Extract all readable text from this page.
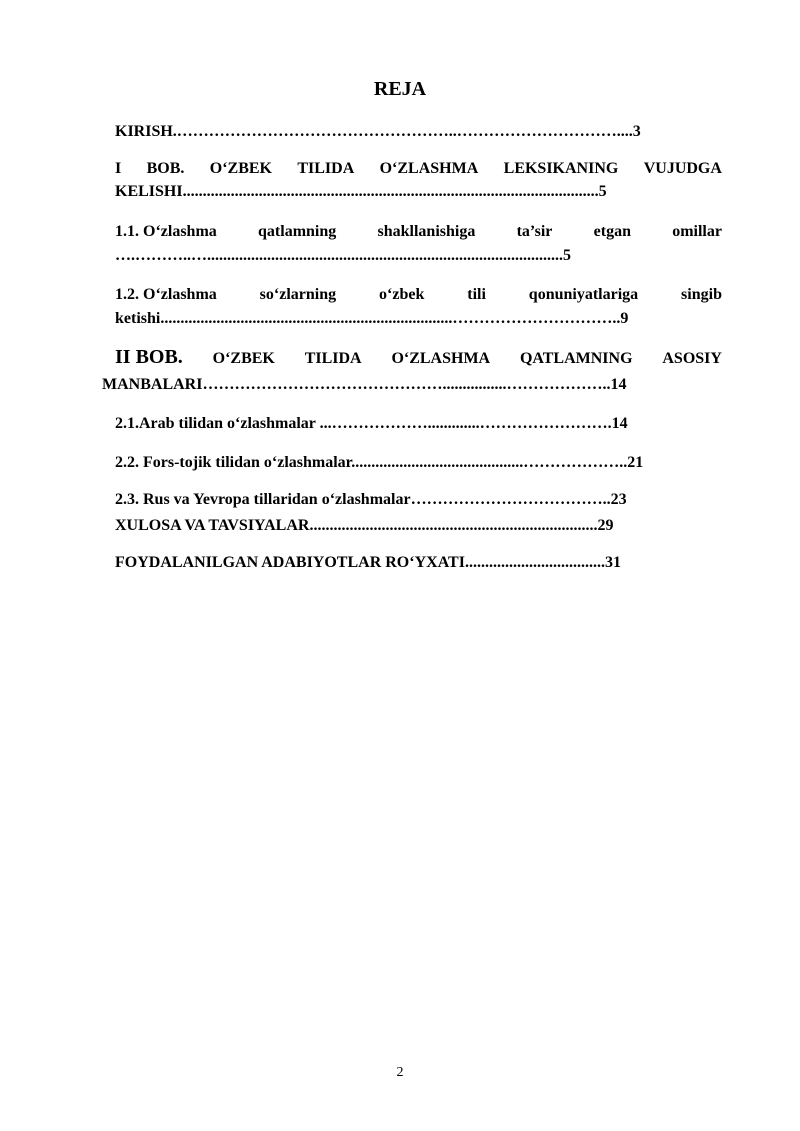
REJA
KIRISH.……………………………………………..…………………………....3
I BOB. O‘ZBEK TILIDA O‘ZLASHMA LEKSIKANING VUJUDGA
KELISHI........................................................................................................5
1.1. O‘zlashma	qatlamning	shakllanishiga	ta’sir	etgan	omillar
….………..….........................................................................................5
1.2. O‘zlashma	so‘zlarning	o‘zbek	tili	qonuniyatlariga	singib
ketishi.........................................................................…………………………..9
II BOB. O‘ZBEK TILIDA O‘ZLASHMA QATLAMNING ASOSIY
MANBALARI………………………………………................………………..14
2.1.Arab tilidan o‘zlashmalar ...……………….............…………………….14
2.2. Fors-tojik tilidan o‘zlashmalar...........................................………………..21
2.3. Rus va Yevropa tillaridan o‘zlashmalar………………………………..23
XULOSA VA TAVSIYALAR........................................................................29
FOYDALANILGAN ADABIYOTLAR RO‘YXATI...................................31
2
